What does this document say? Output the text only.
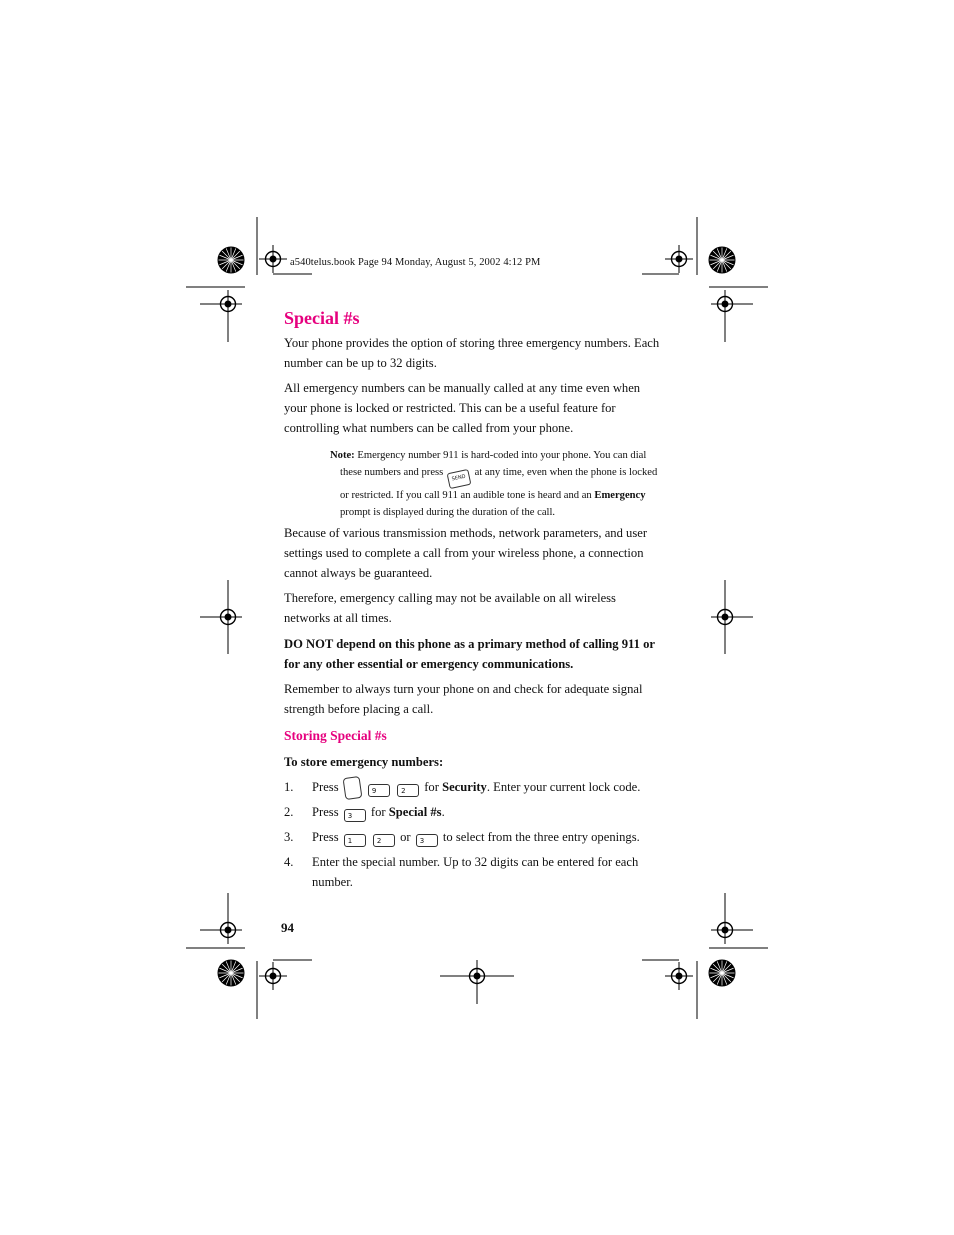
a540telus.book Page 94 Monday, August 5, 2002 4:12 PM
Special #s

Your phone provides the option of storing three emergency numbers. Each number can be up to 32 digits.

All emergency numbers can be manually called at any time even when your phone is locked or restricted. This can be a useful feature for controlling what numbers can be called from your phone.

Note: Emergency number 911 is hard-coded into your phone. You can dial
these numbers and press SEND at any time, even when the phone is locked
or restricted. If you call 911 an audible tone is heard and an Emergency
prompt is displayed during the duration of the call.

Because of various transmission methods, network parameters, and user settings used to complete a call from your wireless phone, a connection cannot always be guaranteed.

Therefore, emergency calling may not be available on all wireless networks at all times.

DO NOT depend on this phone as a primary method of calling 911 or for any other essential or emergency communications.

Remember to always turn your phone on and check for adequate signal strength before placing a call.

Storing Special #s
To store emergency numbers:
1. Press	9	2 for Security. Enter your current lock code.
2. Press 3 for Special #s.
3. Press 1	2 or 3 to select from the three entry openings.
4. Enter the special number. Up to 32 digits can be entered for each number.
94
